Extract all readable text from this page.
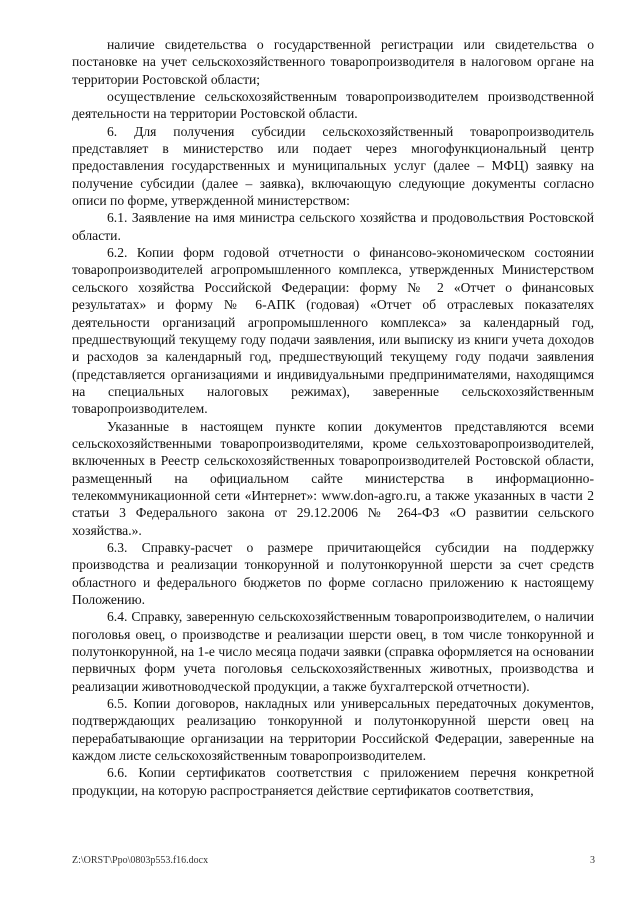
наличие свидетельства о государственной регистрации или свидетельства о постановке на учет сельскохозяйственного товаропроизводителя в налоговом органе на территории Ростовской области;

осуществление сельскохозяйственным товаропроизводителем производственной деятельности на территории Ростовской области.

6. Для получения субсидии сельскохозяйственный товаропроизводитель представляет в министерство или подает через многофункциональный центр предоставления государственных и муниципальных услуг (далее – МФЦ) заявку на получение субсидии (далее – заявка), включающую следующие документы согласно описи по форме, утвержденной министерством:

6.1. Заявление на имя министра сельского хозяйства и продовольствия Ростовской области.

6.2. Копии форм годовой отчетности о финансово-экономическом состоянии товаропроизводителей агропромышленного комплекса, утвержденных Министерством сельского хозяйства Российской Федерации: форму № 2 «Отчет о финансовых результатах» и форму № 6-АПК (годовая) «Отчет об отраслевых показателях деятельности организаций агропромышленного комплекса» за календарный год, предшествующий текущему году подачи заявления, или выписку из книги учета доходов и расходов за календарный год, предшествующий текущему году подачи заявления (представляется организациями и индивидуальными предпринимателями, находящимся на специальных налоговых режимах), заверенные сельскохозяйственным товаропроизводителем.

Указанные в настоящем пункте копии документов представляются всеми сельскохозяйственными товаропроизводителями, кроме сельхозтоваропроизводителей, включенных в Реестр сельскохозяйственных товаропроизводителей Ростовской области, размещенный на официальном сайте министерства в информационно-телекоммуникационной сети «Интернет»: www.don-agro.ru, а также указанных в части 2 статьи 3 Федерального закона от 29.12.2006 № 264-ФЗ «О развитии сельского хозяйства.».

6.3. Справку-расчет о размере причитающейся субсидии на поддержку производства и реализации тонкорунной и полутонкорунной шерсти за счет средств областного и федерального бюджетов по форме согласно приложению к настоящему Положению.

6.4. Справку, заверенную сельскохозяйственным товаропроизводителем, о наличии поголовья овец, о производстве и реализации шерсти овец, в том числе тонкорунной и полутонкорунной, на 1-е число месяца подачи заявки (справка оформляется на основании первичных форм учета поголовья сельскохозяйственных животных, производства и реализации животноводческой продукции, а также бухгалтерской отчетности).

6.5. Копии договоров, накладных или универсальных передаточных документов, подтверждающих реализацию тонкорунной и полутонкорунной шерсти овец на перерабатывающие организации на территории Российской Федерации, заверенные на каждом листе сельскохозяйственным товаропроизводителем.

6.6. Копии сертификатов соответствия с приложением перечня конкретной продукции, на которую распространяется действие сертификатов соответствия,

Z:\ORST\Ppo\0803p553.f16.docx	3
